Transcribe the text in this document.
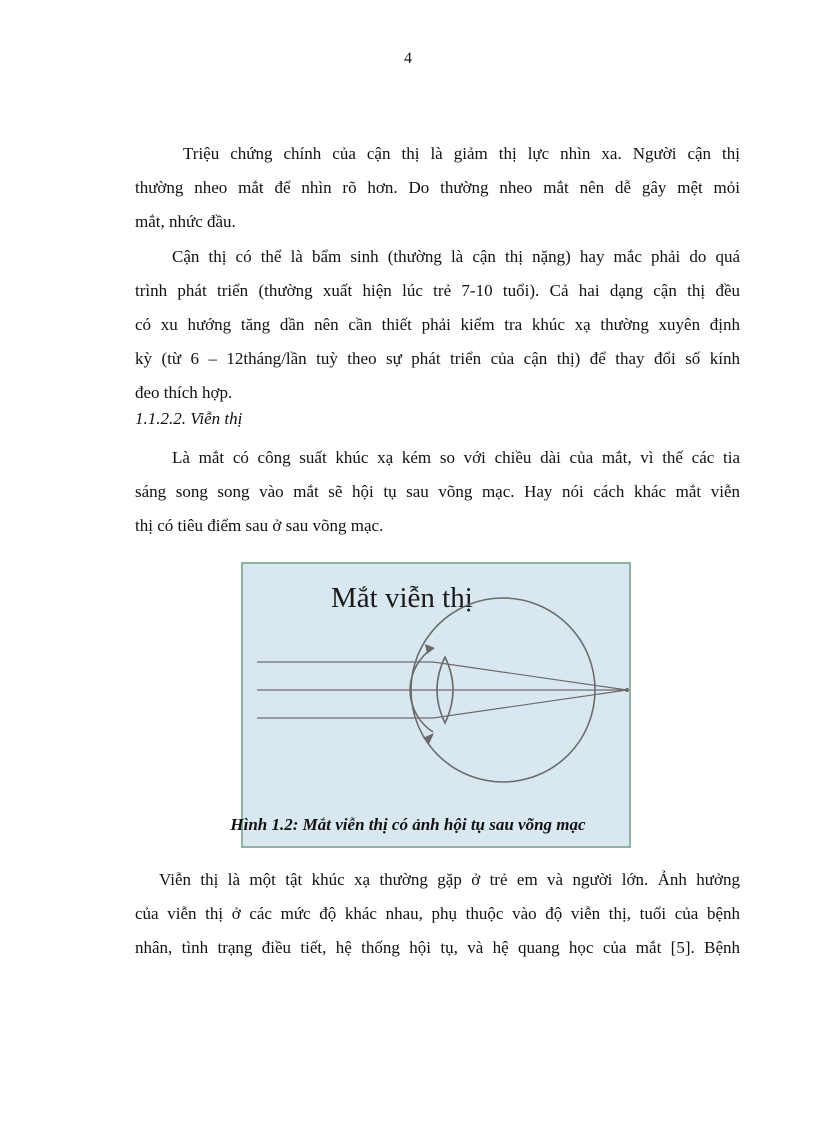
4
Triệu chứng chính của cận thị là giảm thị lực nhìn xa. Người cận thị
thường nheo mắt để nhìn rõ hơn. Do thường nheo mắt nên dễ gây mệt mỏi
mắt, nhức đầu.
Cận thị có thể là bẩm sinh (thường là cận thị nặng) hay mắc phải do quá
trình phát triển (thường xuất hiện lúc trẻ 7-10 tuổi). Cả hai dạng cận thị đều
có xu hướng tăng dần nên cần thiết phải kiểm tra khúc xạ thường xuyên định
kỳ (từ 6 – 12tháng/lần tuỳ theo sự phát triển của cận thị) để thay đổi số kính
đeo thích hợp.

1.1.2.2. Viễn thị

Là mắt có công suất khúc xạ kém so với chiều dài của mắt, vì thế các tia
sáng song song vào mắt sẽ hội tụ sau võng mạc. Hay nói cách khác mắt viễn
thị có tiêu điểm sau ở sau võng mạc.
Mắt viễn thị

Hình 1.2: Mắt viễn thị có ảnh hội tụ sau võng mạc

Viễn thị là một tật khúc xạ thường gặp ở trẻ em và người lớn. Ảnh hưởng
của viễn thị ở các mức độ khác nhau, phụ thuộc vào độ viễn thị, tuổi của bệnh
nhân, tình trạng điều tiết, hệ thống hội tụ, và hệ quang học của mắt [5]. Bệnh
